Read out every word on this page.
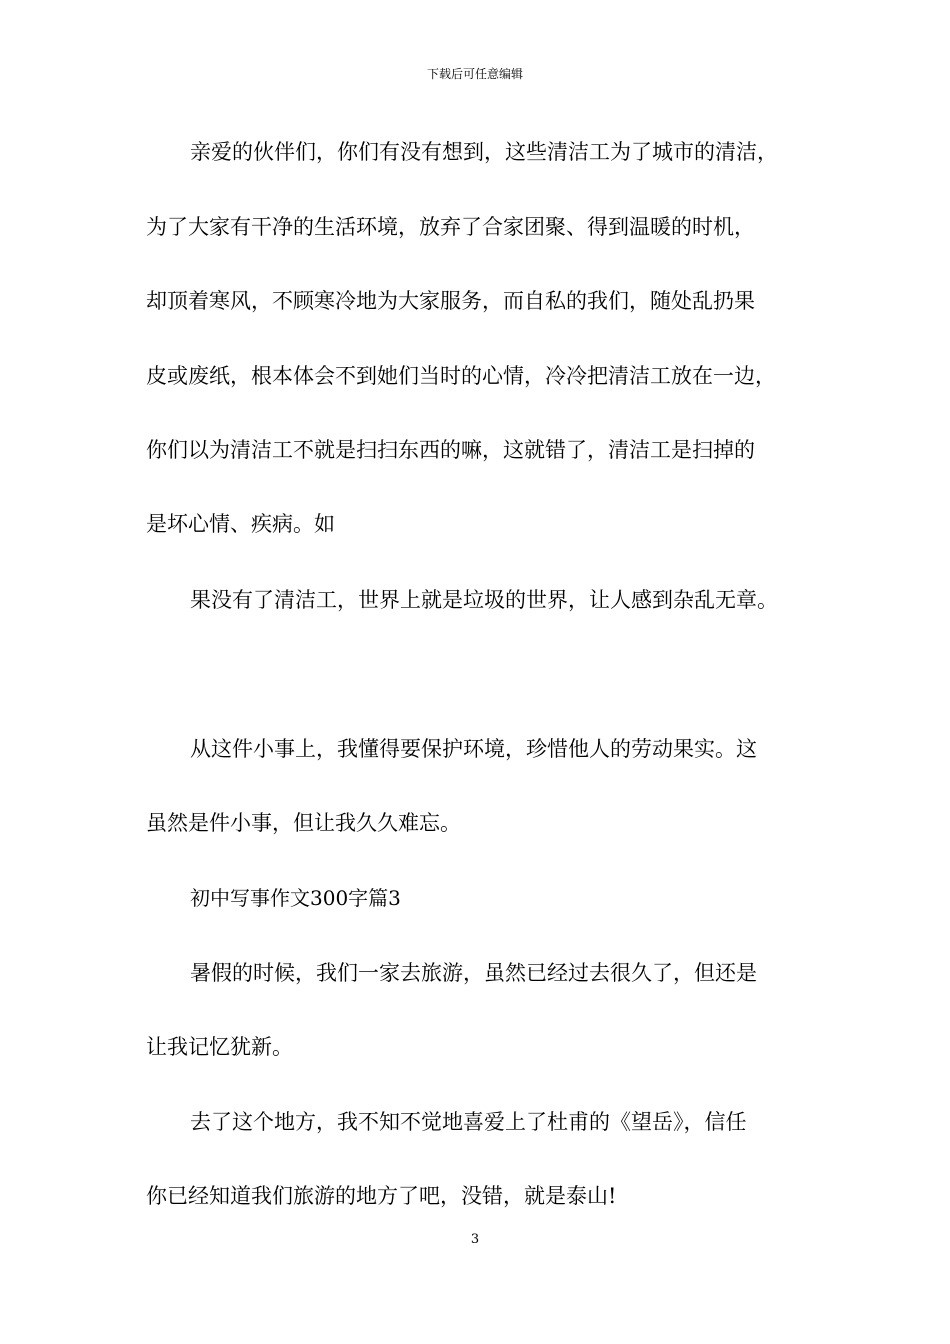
下载后可任意编辑
亲爱的伙伴们，你们有没有想到，这些清洁工为了城市的清洁，
为了大家有干净的生活环境，放弃了合家团聚、得到温暖的时机，
却顶着寒风，不顾寒冷地为大家服务，而自私的我们，随处乱扔果
皮或废纸，根本体会不到她们当时的心情，冷冷把清洁工放在一边，
你们以为清洁工不就是扫扫东西的嘛，这就错了，清洁工是扫掉的
是坏心情、疾病。如
果没有了清洁工，世界上就是垃圾的世界，让人感到杂乱无章。
从这件小事上，我懂得要保护环境，珍惜他人的劳动果实。这
虽然是件小事，但让我久久难忘。
初中写事作文300字篇3
暑假的时候，我们一家去旅游，虽然已经过去很久了，但还是
让我记忆犹新。
去了这个地方，我不知不觉地喜爱上了杜甫的《望岳》，信任
你已经知道我们旅游的地方了吧，没错，就是泰山!
3
